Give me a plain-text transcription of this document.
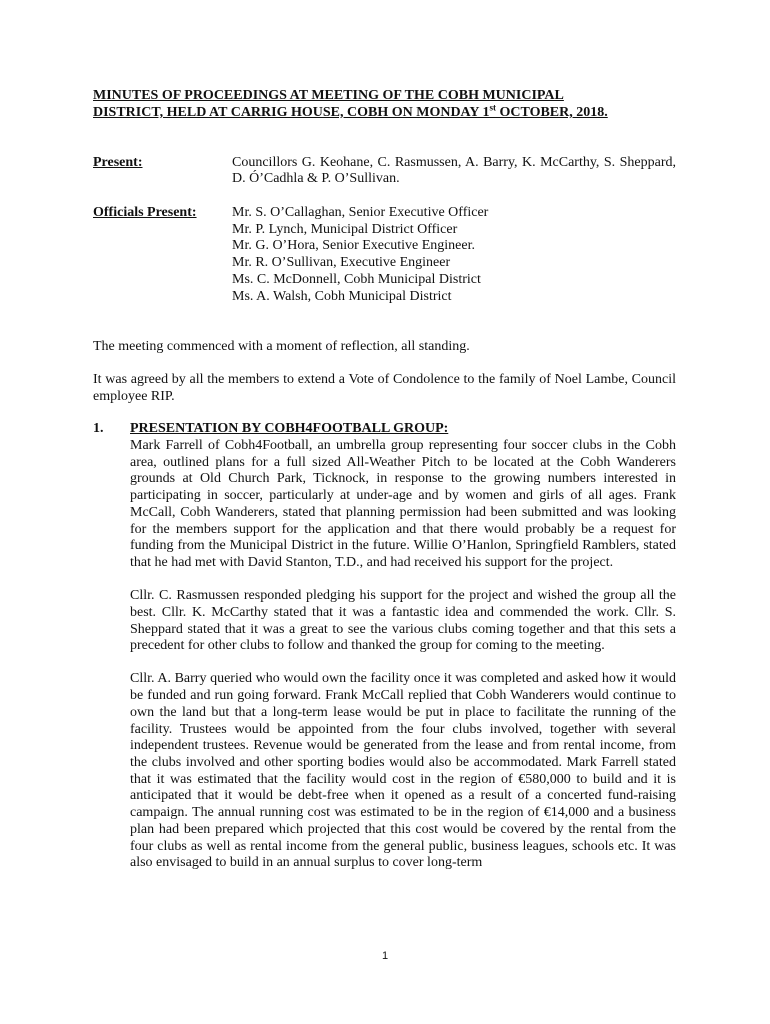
MINUTES OF PROCEEDINGS AT MEETING OF THE COBH MUNICIPAL
DISTRICT, HELD AT CARRIG HOUSE, COBH ON MONDAY 1st OCTOBER, 2018.
Present:	Councillors G. Keohane, C. Rasmussen, A. Barry, K. McCarthy, S. Sheppard, D. Ó’Cadhla & P. O’Sullivan.
Officials Present:	Mr. S. O’Callaghan, Senior Executive Officer
Mr. P. Lynch, Municipal District Officer
Mr. G. O’Hora, Senior Executive Engineer.
Mr. R. O’Sullivan, Executive Engineer
Ms. C. McDonnell, Cobh Municipal District
Ms. A. Walsh, Cobh Municipal District

The meeting commenced with a moment of reflection, all standing.

It was agreed by all the members to extend a Vote of Condolence to the family of Noel Lambe, Council employee RIP.

1.	PRESENTATION BY COBH4FOOTBALL GROUP:

Mark Farrell of Cobh4Football, an umbrella group representing four soccer clubs in the Cobh area, outlined plans for a full sized All-Weather Pitch to be located at the Cobh Wanderers grounds at Old Church Park, Ticknock, in response to the growing numbers interested in participating in soccer, particularly at under-age and by women and girls of all ages. Frank McCall, Cobh Wanderers, stated that planning permission had been submitted and was looking for the members support for the application and that there would probably be a request for funding from the Municipal District in the future. Willie O’Hanlon, Springfield Ramblers, stated that he had met with David Stanton, T.D., and had received his support for the project.

Cllr. C. Rasmussen responded pledging his support for the project and wished the group all the best. Cllr. K. McCarthy stated that it was a fantastic idea and commended the work. Cllr. S. Sheppard stated that it was a great to see the various clubs coming together and that this sets a precedent for other clubs to follow and thanked the group for coming to the meeting.

Cllr. A. Barry queried who would own the facility once it was completed and asked how it would be funded and run going forward. Frank McCall replied that Cobh Wanderers would continue to own the land but that a long-term lease would be put in place to facilitate the running of the facility. Trustees would be appointed from the four clubs involved, together with several independent trustees. Revenue would be generated from the lease and from rental income, from the clubs involved and other sporting bodies would also be accommodated. Mark Farrell stated that it was estimated that the facility would cost in the region of €580,000 to build and it is anticipated that it would be debt-free when it opened as a result of a concerted fund-raising campaign. The annual running cost was estimated to be in the region of €14,000 and a business plan had been prepared which projected that this cost would be covered by the rental from the four clubs as well as rental income from the general public, business leagues, schools etc. It was also envisaged to build in an annual surplus to cover long-term

1
